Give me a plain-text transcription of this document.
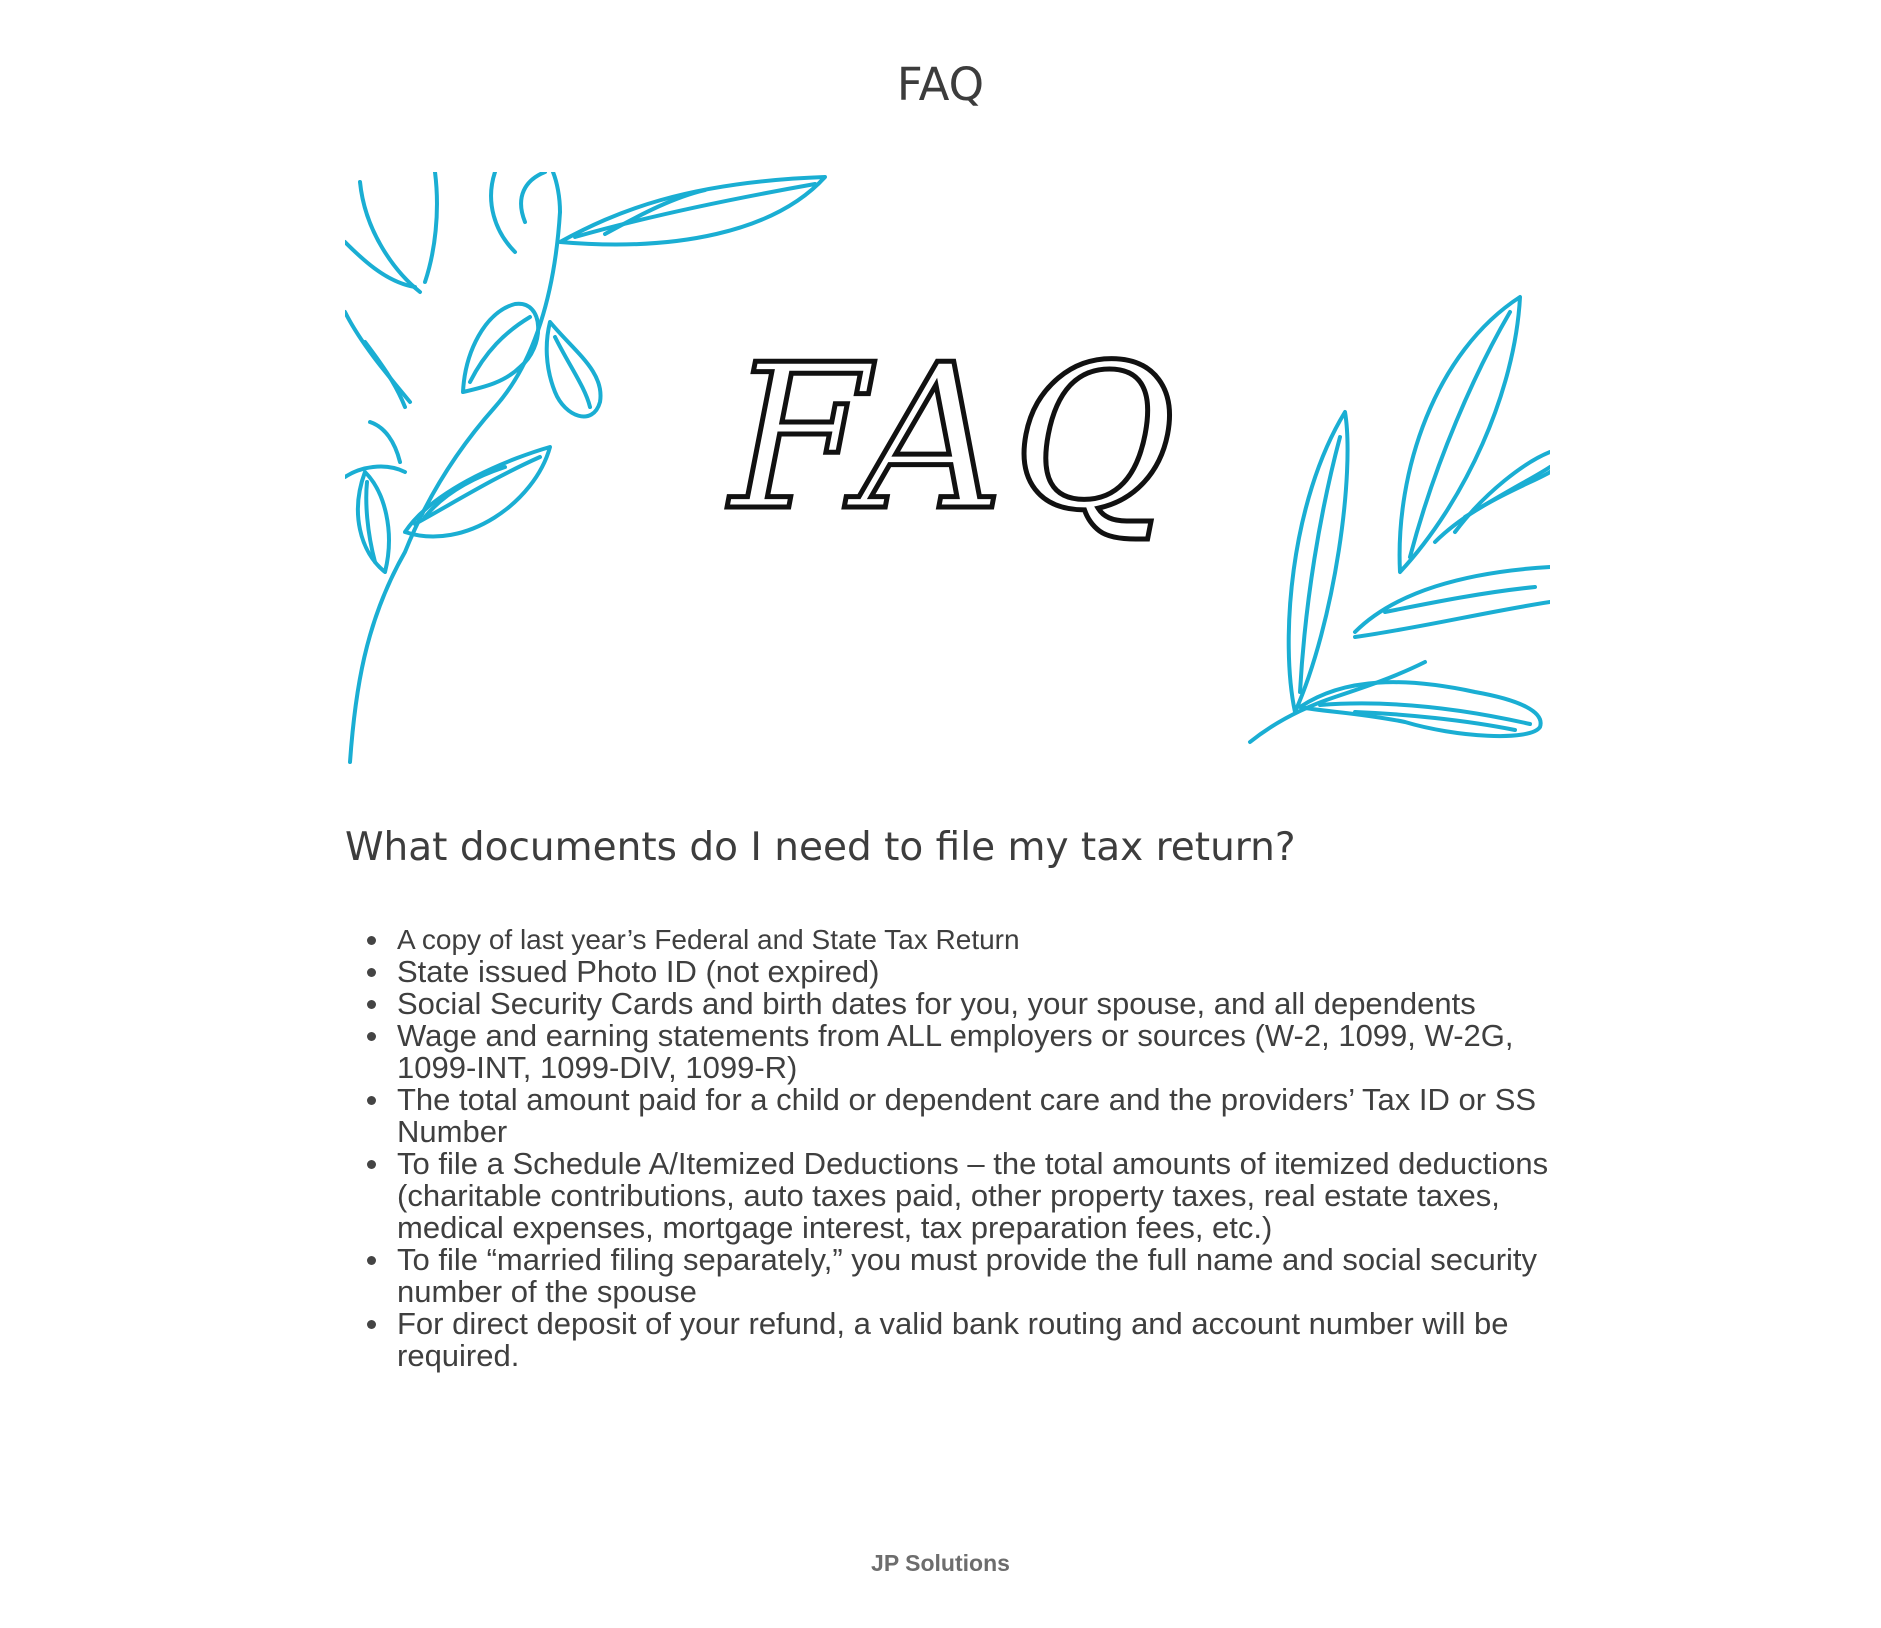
FAQ
FAQ
What documents do I need to file my tax return?
A copy of last year’s Federal and State Tax Return
State issued Photo ID (not expired)
Social Security Cards and birth dates for you, your spouse, and all dependents
Wage and earning statements from ALL employers or sources (W-2, 1099, W-2G, 1099-INT, 1099-DIV, 1099-R)
The total amount paid for a child or dependent care and the providers’ Tax ID or SS Number
To file a Schedule A/Itemized Deductions – the total amounts of itemized deductions (charitable contributions, auto taxes paid, other property taxes, real estate taxes, medical expenses, mortgage interest, tax preparation fees, etc.)
To file “married filing separately,” you must provide the full name and social security number of the spouse
For direct deposit of your refund, a valid bank routing and account number will be required.
JP Solutions
